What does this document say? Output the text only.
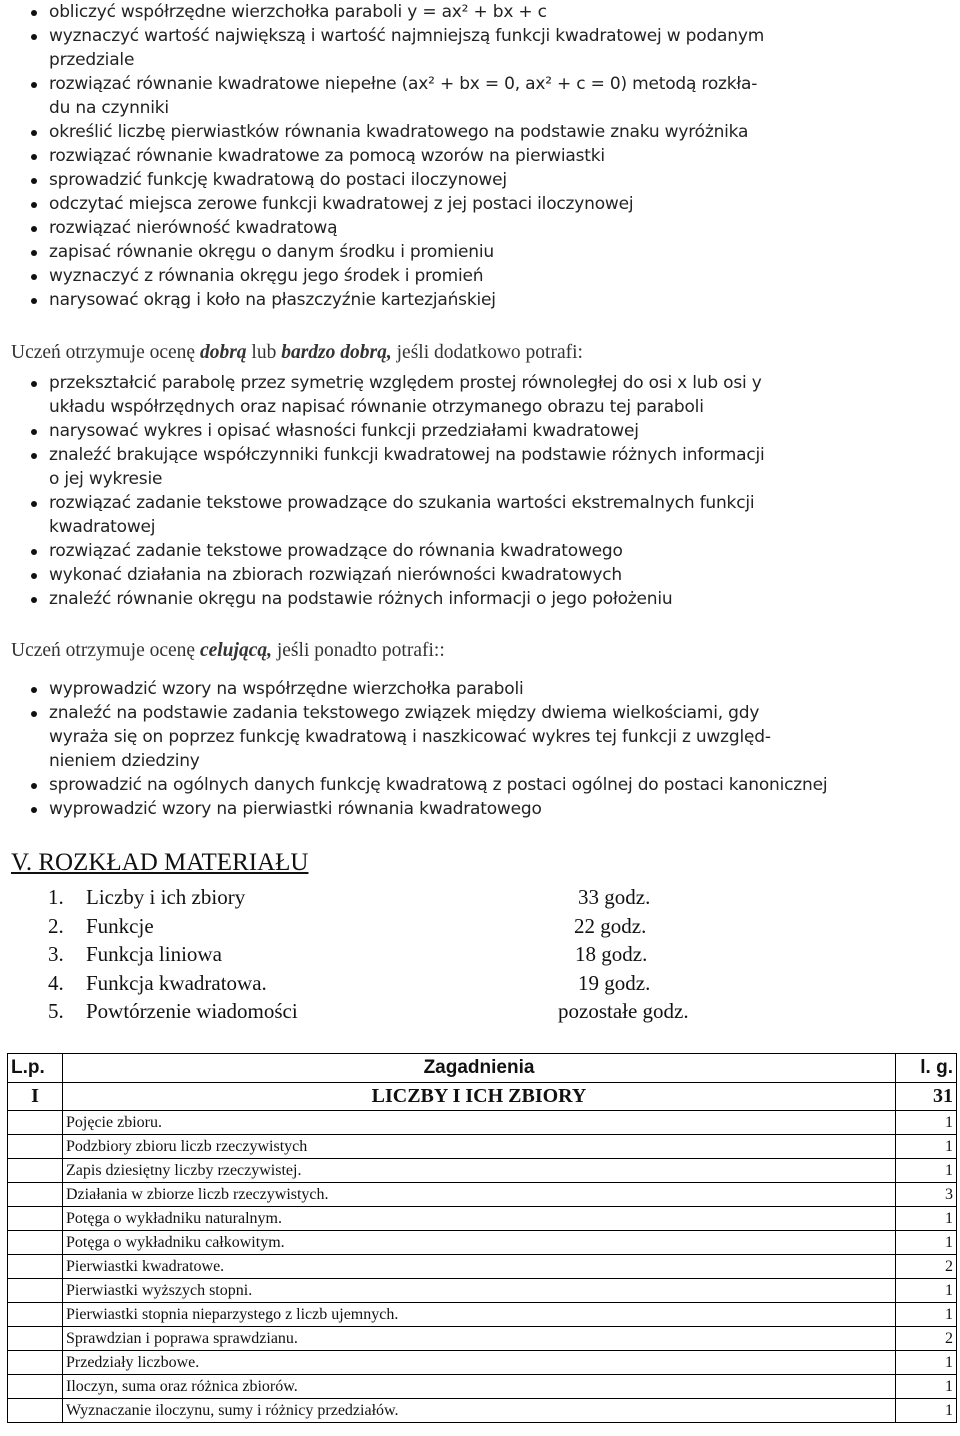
obliczyć współrzędne wierzchołka paraboli y = ax² + bx + c
wyznaczyć wartość największą i wartość najmniejszą funkcji kwadratowej w podanym
przedziale
rozwiązać równanie kwadratowe niepełne (ax² + bx = 0, ax² + c = 0) metodą rozkła-
du na czynniki
określić liczbę pierwiastków równania kwadratowego na podstawie znaku wyróżnika
rozwiązać równanie kwadratowe za pomocą wzorów na pierwiastki
sprowadzić funkcję kwadratową do postaci iloczynowej
odczytać miejsca zerowe funkcji kwadratowej z jej postaci iloczynowej
rozwiązać nierówność kwadratową
zapisać równanie okręgu o danym środku i promieniu
wyznaczyć z równania okręgu jego środek i promień
narysować okrąg i koło na płaszczyźnie kartezjańskiej
Uczeń otrzymuje ocenę dobrą lub bardzo dobrą, jeśli dodatkowo potrafi:
przekształcić parabolę przez symetrię względem prostej równoległej do osi x lub osi y
układu współrzędnych oraz napisać równanie otrzymanego obrazu tej paraboli
narysować wykres i opisać własności funkcji przedziałami kwadratowej
znaleźć brakujące współczynniki funkcji kwadratowej na podstawie różnych informacji
o jej wykresie
rozwiązać zadanie tekstowe prowadzące do szukania wartości ekstremalnych funkcji
kwadratowej
rozwiązać zadanie tekstowe prowadzące do równania kwadratowego
wykonać działania na zbiorach rozwiązań nierówności kwadratowych
znaleźć równanie okręgu na podstawie różnych informacji o jego położeniu
Uczeń otrzymuje ocenę celującą, jeśli ponadto potrafi::
wyprowadzić wzory na współrzędne wierzchołka paraboli
znaleźć na podstawie zadania tekstowego związek między dwiema wielkościami, gdy
wyraża się on poprzez funkcję kwadratową i naszkicować wykres tej funkcji z uwzględ-
nieniem dziedziny
sprowadzić na ogólnych danych funkcję kwadratową z postaci ogólnej do postaci kanonicznej
wyprowadzić wzory na pierwiastki równania kwadratowego
V. ROZKŁAD MATERIAŁU
1. Liczby i ich zbiory	33 godz.
2. Funkcje	22 godz.
3. Funkcja liniowa	18 godz.
4. Funkcja kwadratowa.	19 godz.
5. Powtórzenie wiadomości	pozostałe godz.
L.p.	Zagadnienia	l. g.
I	LICZBY I ICH ZBIORY	31
	Pojęcie zbioru.	1
	Podzbiory zbioru liczb rzeczywistych	1
	Zapis dziesiętny liczby rzeczywistej.	1
	Działania w zbiorze liczb rzeczywistych.	3
	Potęga o wykładniku naturalnym.	1
	Potęga o wykładniku całkowitym.	1
	Pierwiastki kwadratowe.	2
	Pierwiastki wyższych stopni.	1
	Pierwiastki stopnia nieparzystego z liczb ujemnych.	1
	Sprawdzian i poprawa sprawdzianu.	2
	Przedziały liczbowe.	1
	Iloczyn, suma oraz różnica zbiorów.	1
	Wyznaczanie iloczynu, sumy i różnicy przedziałów.	1
